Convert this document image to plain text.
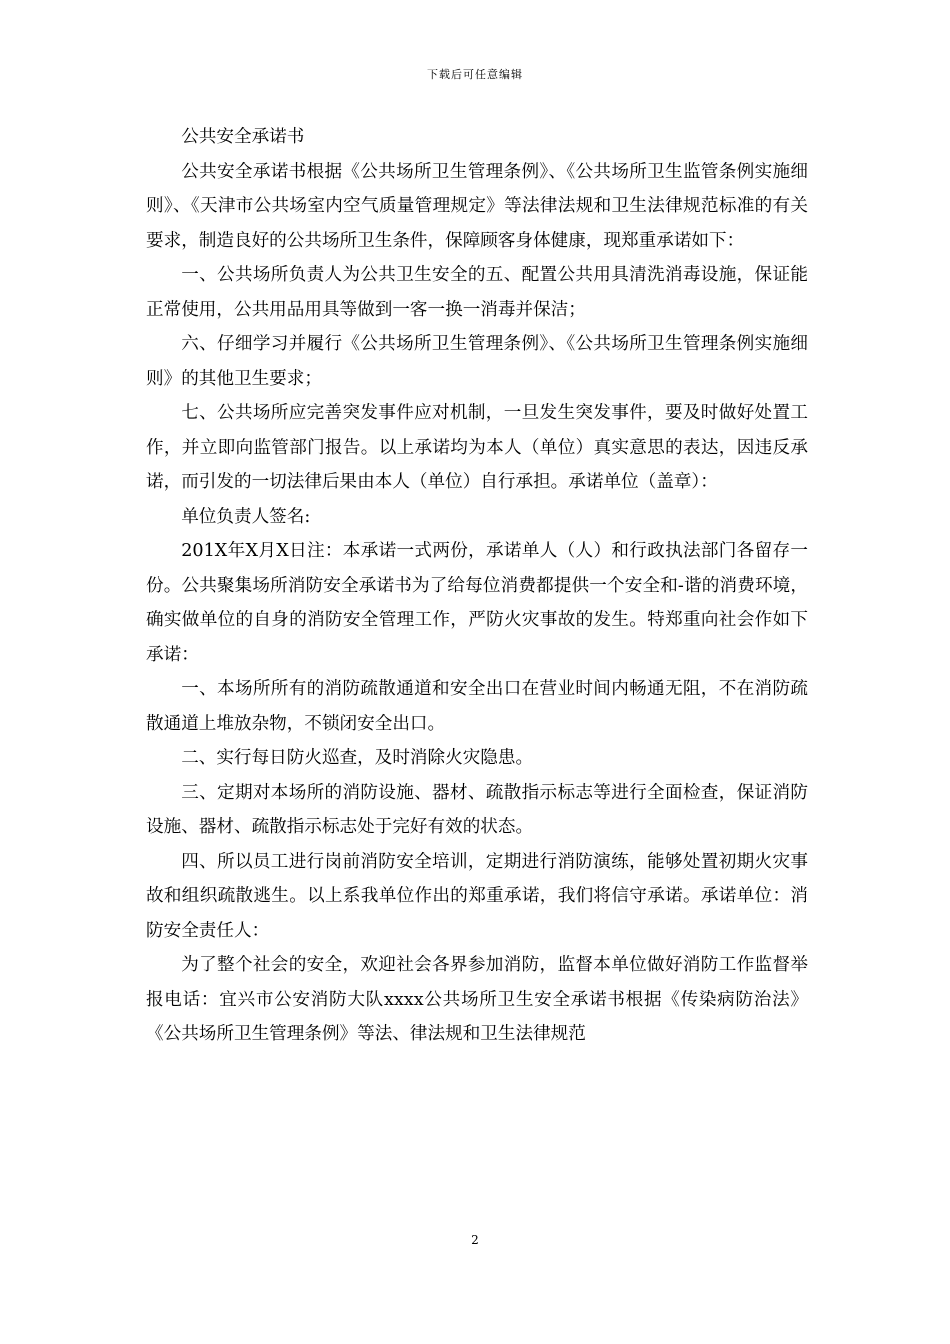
下载后可任意编辑

公共安全承诺书

公共安全承诺书根据《公共场所卫生管理条例》、《公共场所卫生监管条例实施细则》、《天津市公共场室内空气质量管理规定》等法律法规和卫生法律规范标准的有关要求，制造良好的公共场所卫生条件，保障顾客身体健康，现郑重承诺如下：

一、公共场所负责人为公共卫生安全的五、配置公共用具清洗消毒设施，保证能正常使用，公共用品用具等做到一客一换一消毒并保洁；

六、仔细学习并履行《公共场所卫生管理条例》、《公共场所卫生管理条例实施细则》的其他卫生要求；

七、公共场所应完善突发事件应对机制，一旦发生突发事件，要及时做好处置工作，并立即向监管部门报告。以上承诺均为本人（单位）真实意思的表达，因违反承诺，而引发的一切法律后果由本人（单位）自行承担。承诺单位（盖章）：

单位负责人签名:

201X年X月X日注：本承诺一式两份，承诺单人（人）和行政执法部门各留存一份。公共聚集场所消防安全承诺书为了给每位消费都提供一个安全和-谐的消费环境，确实做单位的自身的消防安全管理工作，严防火灾事故的发生。特郑重向社会作如下承诺：

一、本场所所有的消防疏散通道和安全出口在营业时间内畅通无阻，不在消防疏散通道上堆放杂物，不锁闭安全出口。

二、实行每日防火巡查，及时消除火灾隐患。

三、定期对本场所的消防设施、器材、疏散指示标志等进行全面检查，保证消防设施、器材、疏散指示标志处于完好有效的状态。

四、所以员工进行岗前消防安全培训，定期进行消防演练，能够处置初期火灾事故和组织疏散逃生。以上系我单位作出的郑重承诺，我们将信守承诺。承诺单位：消防安全责任人：

为了整个社会的安全，欢迎社会各界参加消防，监督本单位做好消防工作监督举报电话：宜兴市公安消防大队xxxx公共场所卫生安全承诺书根据《传染病防治法》《公共场所卫生管理条例》等法、律法规和卫生法律规范

2
